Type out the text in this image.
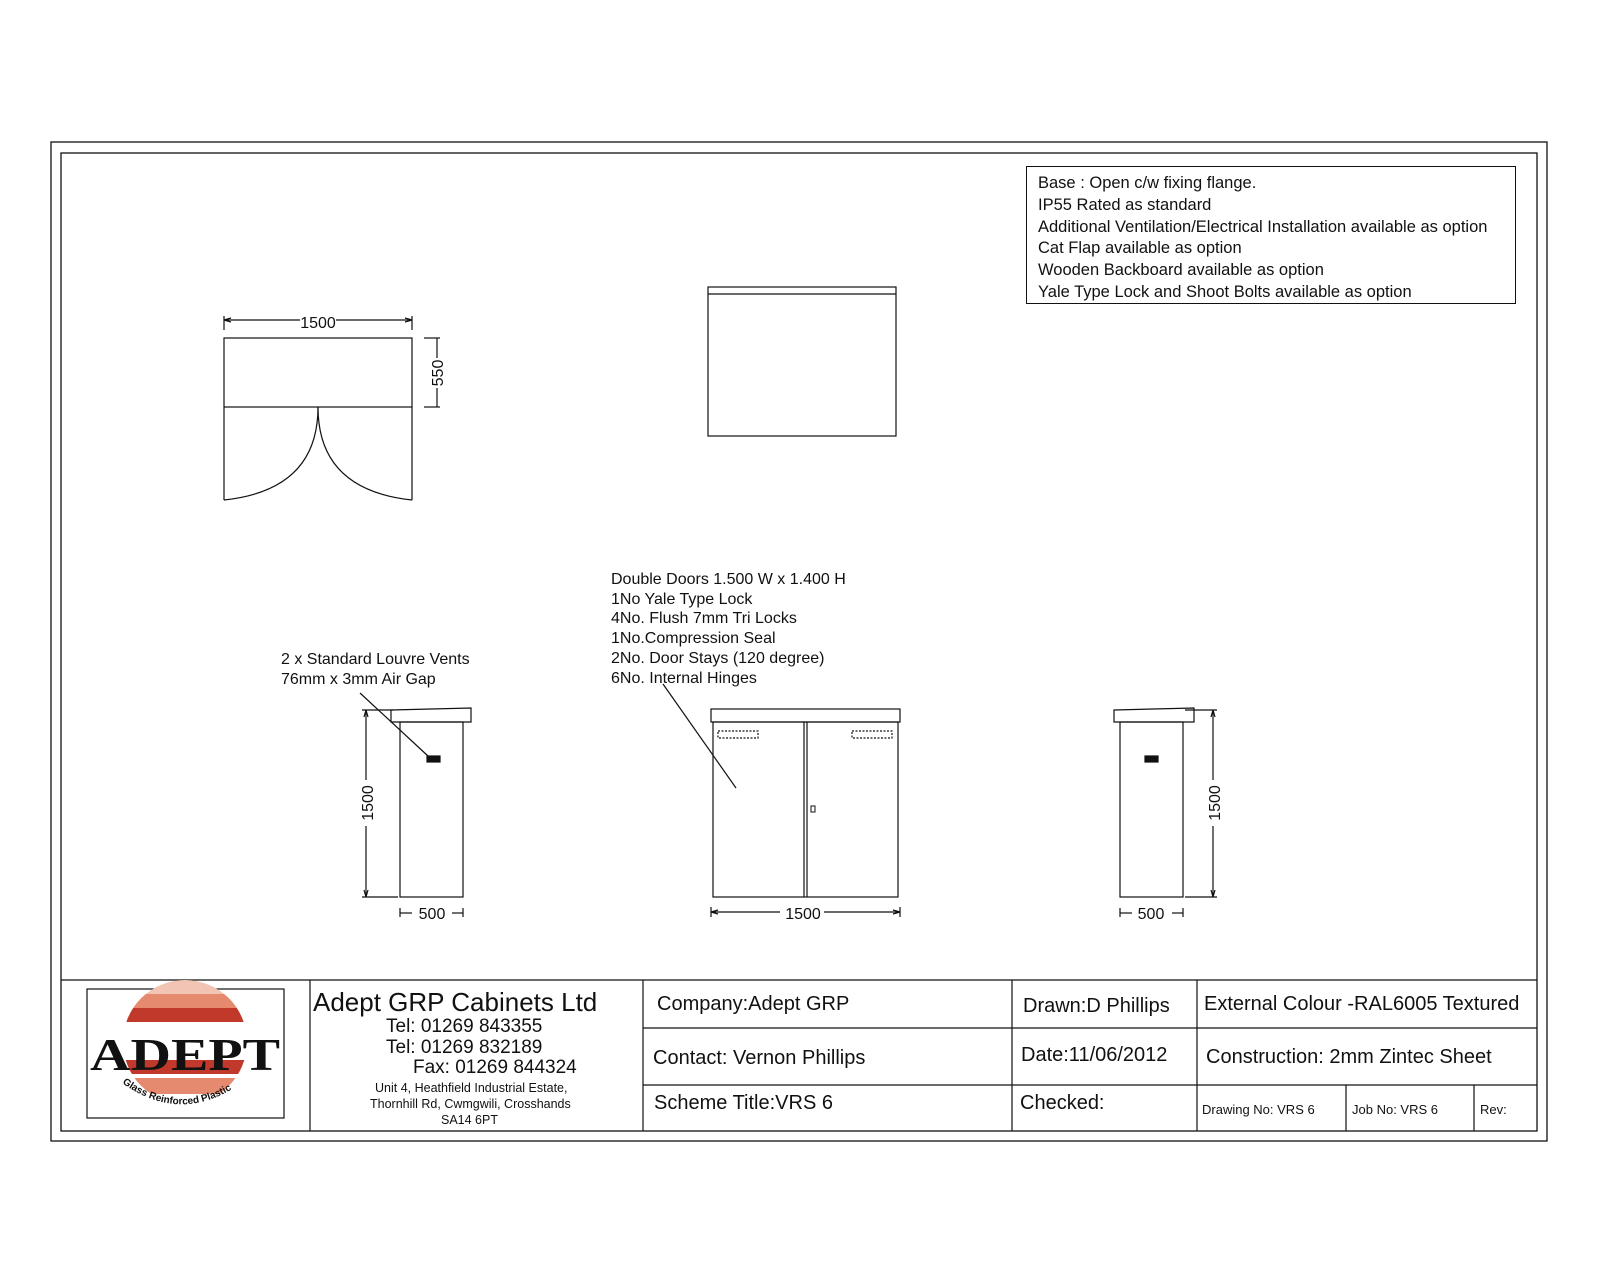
1500
550
1500
500	1500
1500
500
ADEPT
Glass Reinforced Plastic
Base : Open c/w fixing flange.
IP55 Rated as standard
Additional Ventilation/Electrical Installation available as option
Cat Flap available as option
Wooden Backboard available as option
Yale Type Lock and Shoot Bolts available as option
2 x Standard Louvre Vents
76mm x 3mm Air Gap
Double Doors 1.500 W x 1.400 H
1No Yale Type Lock
4No. Flush 7mm Tri Locks
1No.Compression Seal
2No. Door Stays (120 degree)
6No. Internal Hinges
Adept GRP Cabinets Ltd
Tel: 01269 843355
Tel: 01269 832189
Fax: 01269 844324
Unit 4, Heathfield Industrial Estate,
Thornhill Rd, Cwmgwili, Crosshands
SA14 6PT
Company:Adept GRP
Contact: Vernon Phillips
Scheme Title:VRS 6
Drawn:D Phillips
Date:11/06/2012
Checked:
External Colour -RAL6005 Textured
Construction: 2mm Zintec Sheet
Drawing No: VRS 6	Job No: VRS 6	Rev:
